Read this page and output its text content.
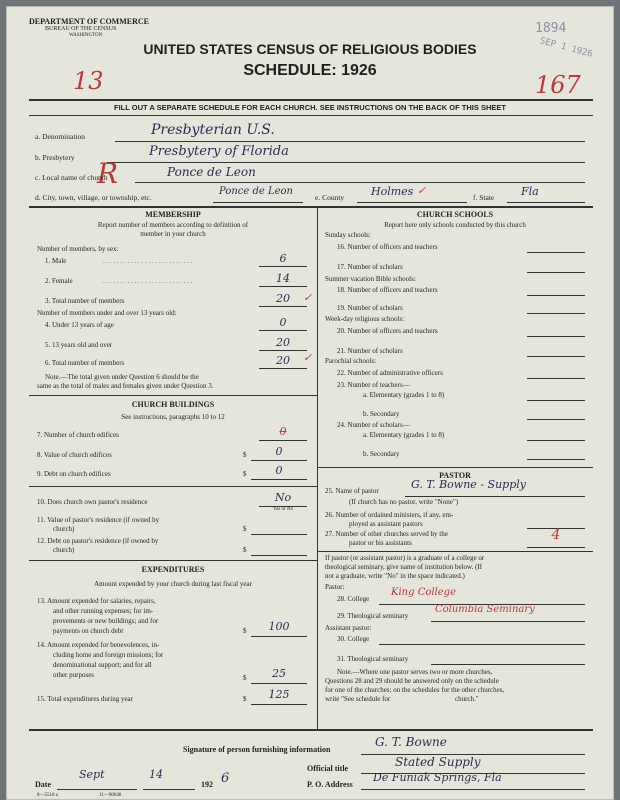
DEPARTMENT OF COMMERCE
BUREAU OF THE CENSUS
WASHINGTON	1894
SEP 1 1926
UNITED STATES CENSUS OF RELIGIOUS BODIES
SCHEDULE: 1926
13	167
FILL OUT A SEPARATE SCHEDULE FOR EACH CHURCH. SEE INSTRUCTIONS ON THE BACK OF THIS SHEET
a. Denomination	Presbyterian U.S.
b. Presbytery	Presbytery of Florida
R
c. Local name of church	Ponce de Leon
d. City, town, village, or township, etc.
Ponce de Leon
e. County Holmes ✓
f. State Fla
MEMBERSHIP
Report number of members according to definition of
member in your church
Number of members, by sex:
1. Male	. . . . . . . . . . . . . . . . . . . . . . . . . .	6
2. Female	. . . . . . . . . . . . . . . . . . . . . . . . . .	14
3. Total number of members	20	✓
Number of members under and over 13 years old:
4. Under 13 years of age	0
5. 13 years old and over	20
6. Total number of members	20	✓
Note.—The total given under Question 6 should be the
same as the total of males and females given under Question 3.
CHURCH BUILDINGS
See instructions, paragraphs 10 to 12
7. Number of church edifices	0
8. Value of church edifices	$	0
9. Debt on church edifices	$	0
10. Does church own pastor's residence	No
Yes or No
11. Value of pastor's residence (if owned by
church)	$
12. Debt on pastor's residence (if owned by
church)	$
EXPENDITURES
Amount expended by your church during last fiscal year
13. Amount expended for salaries, repairs,
and other running expenses; for im-
provements or new buildings; and for
payments on church debt	$	100
14. Amount expended for benevolences, in-
cluding home and foreign missions; for
denominational support; and for all
other purposes	$	25
15. Total expenditures during year	$	125
CHURCH SCHOOLS
Report here only schools conducted by this church
Sunday schools:
16. Number of officers and teachers
17. Number of scholars
Summer vacation Bible schools:
18. Number of officers and teachers
19. Number of scholars
Week-day religious schools:
20. Number of officers and teachers
21. Number of scholars
Parochial schools:
22. Number of administrative officers
23. Number of teachers—
a. Elementary (grades 1 to 8)
b. Secondary
24. Number of scholars—
a. Elementary (grades 1 to 8)
b. Secondary
PASTOR
25. Name of pastor	G. T. Bowne - Supply
(If church has no pastor, write "None")
26. Number of ordained ministers, if any, em-
ployed as assistant pastors
27. Number of other churches served by the
pastor or his assistants	4
If pastor (or assistant pastor) is a graduate of a college or
theological seminary, give name of institution below. (If
not a graduate, write "No" in the space indicated.)
Pastor:
28. College
King College
29. Theological seminary
Columbia Seminary
Assistant pastor:
30. College
31. Theological seminary
Note.—Where one pastor serves two or more churches,
Questions 28 and 29 should be answered only on the schedule
for one of the churches; on the schedules for the other churches,
write "See schedule for                                     church."
Signature of person furnishing information
G. T. Bowne
Official title	Stated Supply
Date
Sept	14
192 6	P. O. Address
De Funiak Springs, Fla
8—5518 a	11—90648
